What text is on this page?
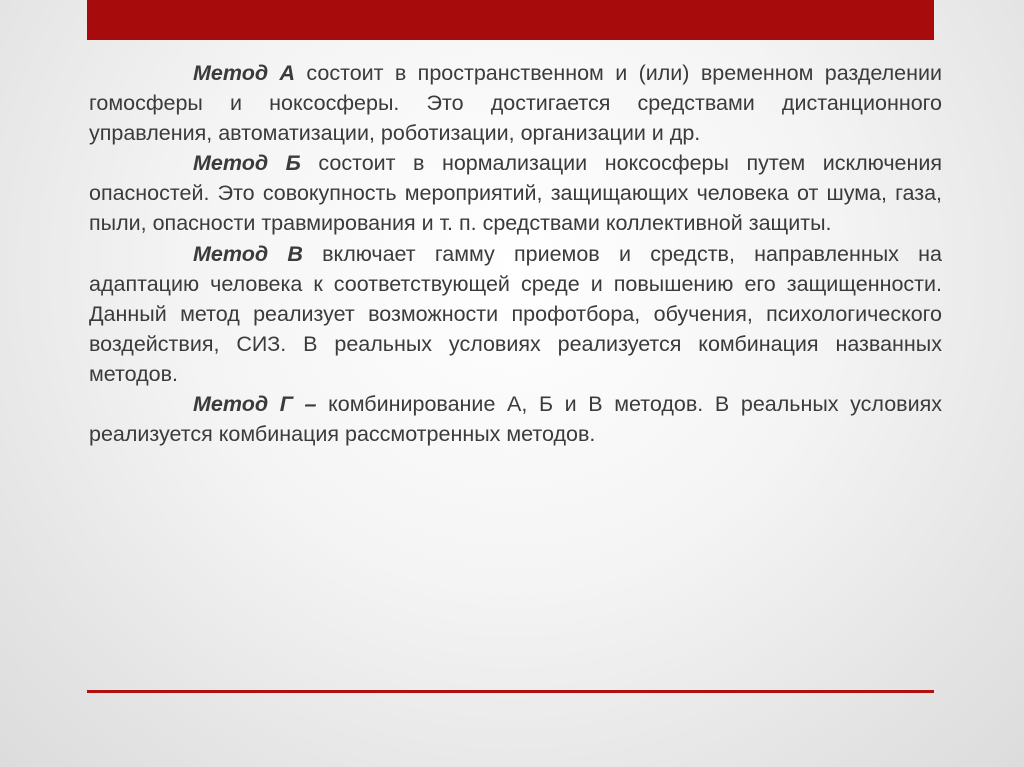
Метод А состоит в пространственном и (или) временном разделении гомосферы и ноксосферы. Это достигается средствами дистанционного управления, автоматизации, роботизации, организации и др.

Метод Б состоит в нормализации ноксосферы путем исключения опасностей. Это совокупность мероприятий, защищающих человека от шума, газа, пыли, опасности травмирования и т. п. средствами коллективной защиты.

Метод В включает гамму приемов и средств, направленных на адаптацию человека к соответствующей среде и повышению его защищенности. Данный метод реализует возможности профотбора, обучения, психологического воздействия, СИЗ. В реальных условиях реализуется комбинация названных методов.

Метод Г – комбинирование А, Б и В методов. В реальных условиях реализуется комбинация рассмотренных методов.
